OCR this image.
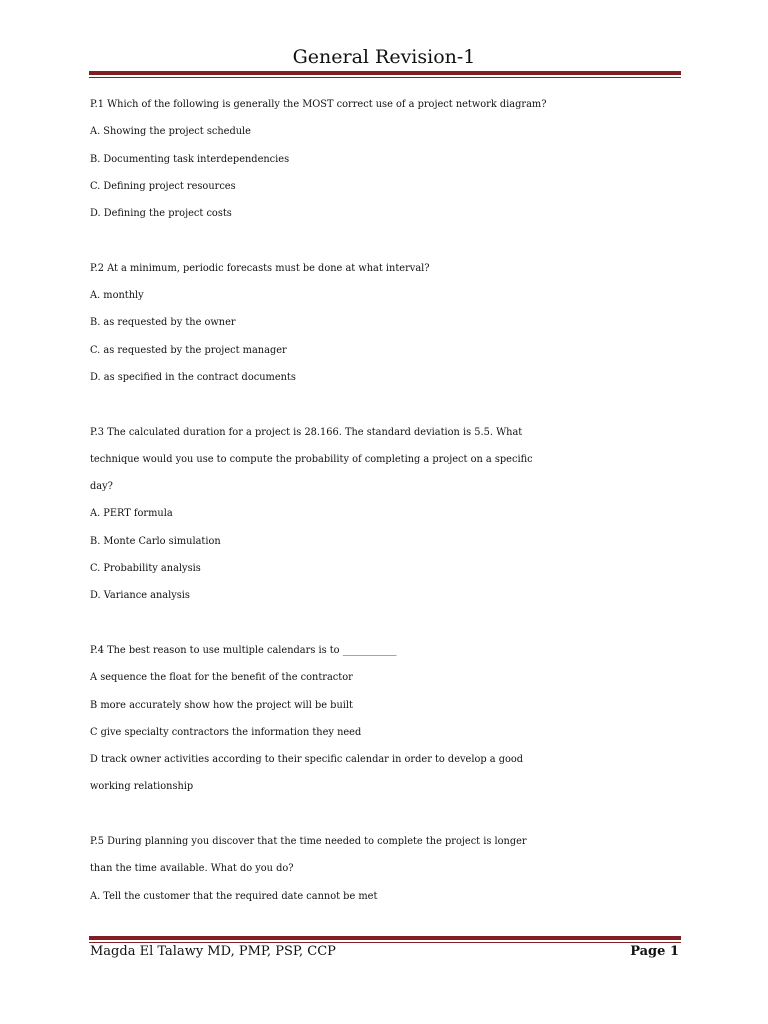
General Revision-1
P.1 Which of the following is generally the MOST correct use of a project network diagram?
A. Showing the project schedule
B. Documenting task interdependencies
C. Defining project resources
D. Defining the project costs
P.2 At a minimum, periodic forecasts must be done at what interval?
A. monthly
B. as requested by the owner
C. as requested by the project manager
D. as specified in the contract documents
P.3 The calculated duration for a project is 28.166. The standard deviation is 5.5. What
technique would you use to compute the probability of completing a project on a specific
day?
A. PERT formula
B. Monte Carlo simulation
C. Probability analysis
D. Variance analysis
P.4 The best reason to use multiple calendars is to ___________
A sequence the float for the benefit of the contractor
B more accurately show how the project will be built
C give specialty contractors the information they need
D track owner activities according to their specific calendar in order to develop a good
working relationship
P.5 During planning you discover that the time needed to complete the project is longer
than the time available. What do you do?
A. Tell the customer that the required date cannot be met
Magda El Talawy MD, PMP, PSP, CCP	Page 1
